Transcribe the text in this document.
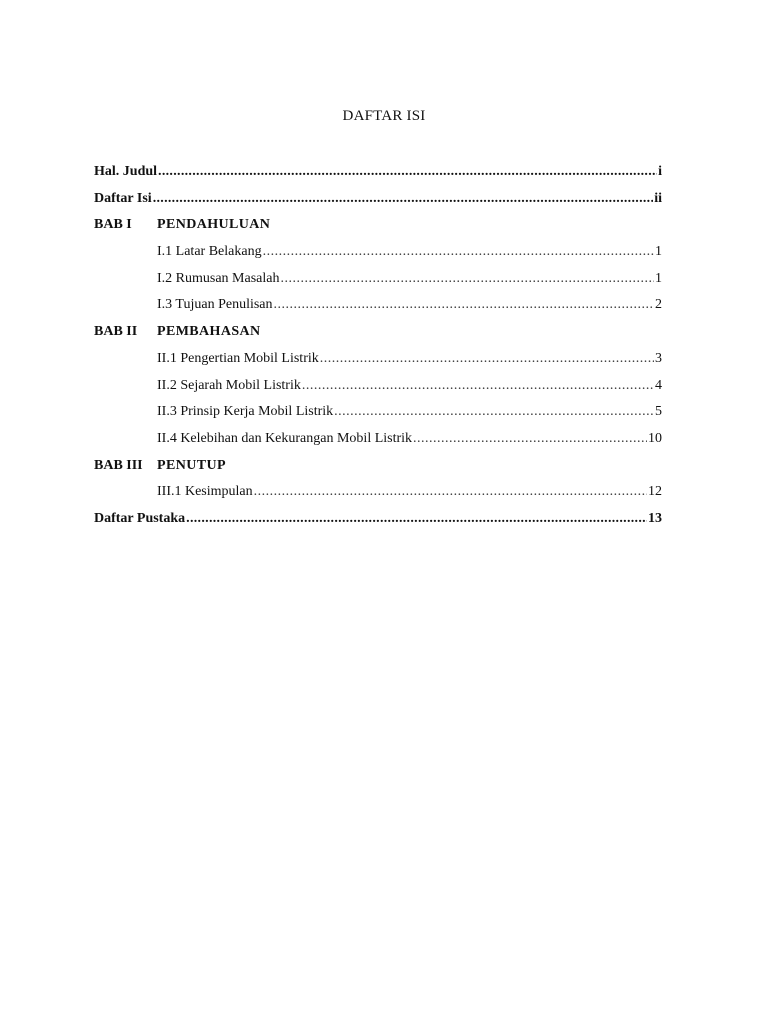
DAFTAR ISI
Hal. Judul .....	i
Daftar Isi .....	ii
BAB I PENDAHULUAN
I.1 Latar Belakang .....	1
I.2 Rumusan Masalah .....	1
I.3 Tujuan Penulisan .....	2
BAB II PEMBAHASAN
II.1 Pengertian Mobil Listrik .....	3
II.2 Sejarah Mobil Listrik .....	4
II.3 Prinsip Kerja Mobil Listrik .....	5
II.4 Kelebihan dan Kekurangan Mobil Listrik .....	10
BAB III PENUTUP
III.1 Kesimpulan .....	12
Daftar Pustaka .....	13
